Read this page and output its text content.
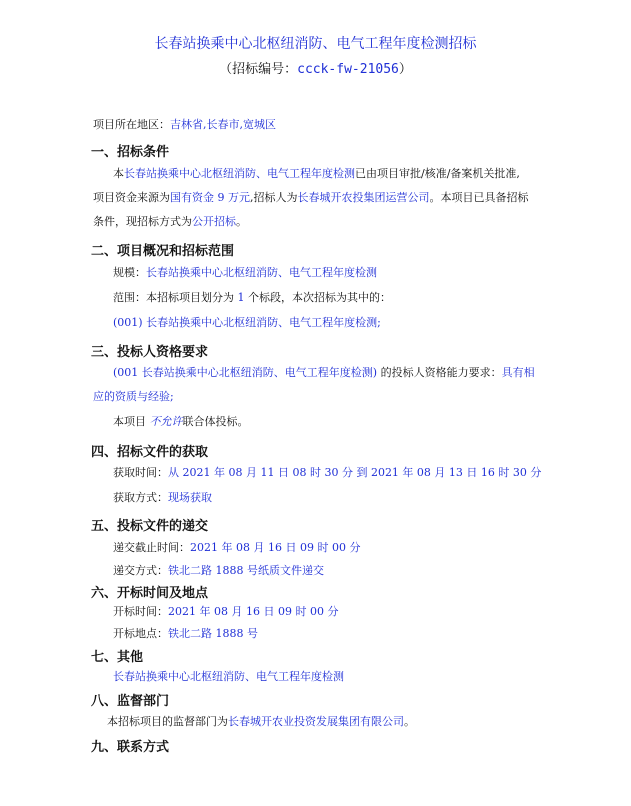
长春站换乘中心北枢纽消防、电气工程年度检测招标
（招标编号：ccck-fw-21056）
项目所在地区：吉林省,长春市,宽城区
一、招标条件
本长春站换乘中心北枢纽消防、电气工程年度检测已由项目审批/核准/备案机关批准,
项目资金来源为国有资金 9 万元,招标人为长春城开农投集团运营公司。本项目已具备招标
条件，现招标方式为公开招标。
二、项目概况和招标范围
规模：长春站换乘中心北枢纽消防、电气工程年度检测
范围：本招标项目划分为 1 个标段，本次招标为其中的：
(001) 长春站换乘中心北枢纽消防、电气工程年度检测;
三、投标人资格要求
(001 长春站换乘中心北枢纽消防、电气工程年度检测) 的投标人资格能力要求：具有相
应的资质与经验;
本项目 不允许联合体投标。
四、招标文件的获取
获取时间：从 2021 年 08 月 11 日 08 时 30 分 到 2021 年 08 月 13 日 16 时 30 分
获取方式：现场获取
五、投标文件的递交
递交截止时间：2021 年 08 月 16 日 09 时 00 分
递交方式：铁北二路 1888 号纸质文件递交
六、开标时间及地点
开标时间：2021 年 08 月 16 日 09 时 00 分
开标地点：铁北二路 1888 号
七、其他
长春站换乘中心北枢纽消防、电气工程年度检测
八、监督部门
本招标项目的监督部门为长春城开农业投资发展集团有限公司。
九、联系方式
